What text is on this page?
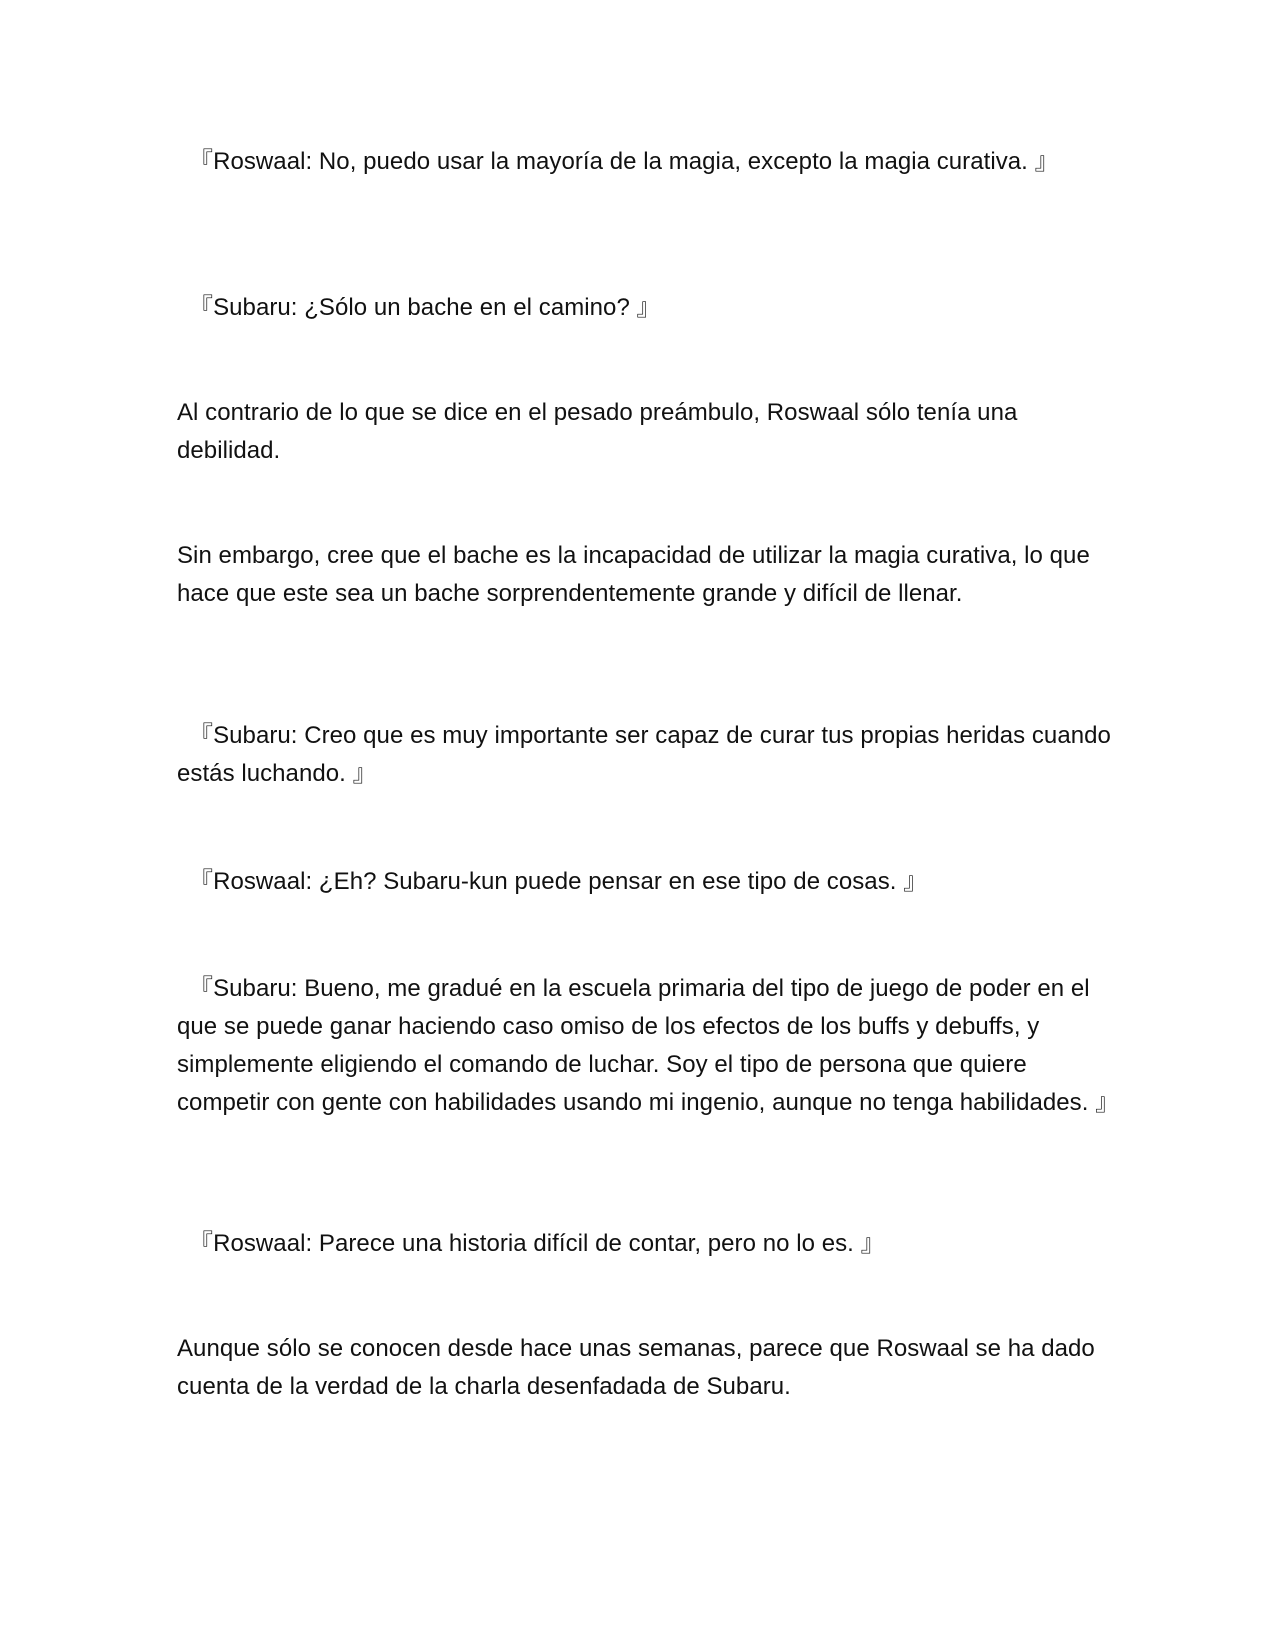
　『Roswaal: No, puedo usar la mayoría de la magia, excepto la magia curativa. 』

　『Subaru: ¿Sólo un bache en el camino? 』

Al contrario de lo que se dice en el pesado preámbulo, Roswaal sólo tenía una debilidad.

Sin embargo, cree que el bache es la incapacidad de utilizar la magia curativa, lo que hace que este sea un bache sorprendentemente grande y difícil de llenar.

　『Subaru: Creo que es muy importante ser capaz de curar tus propias heridas cuando estás luchando. 』

　『Roswaal: ¿Eh? Subaru-kun puede pensar en ese tipo de cosas. 』

　『Subaru: Bueno, me gradué en la escuela primaria del tipo de juego de poder en el que se puede ganar haciendo caso omiso de los efectos de los buffs y debuffs, y simplemente eligiendo el comando de luchar. Soy el tipo de persona que quiere competir con gente con habilidades usando mi ingenio, aunque no tenga habilidades. 』

　『Roswaal: Parece una historia difícil de contar, pero no lo es. 』

Aunque sólo se conocen desde hace unas semanas, parece que Roswaal se ha dado cuenta de la verdad de la charla desenfadada de Subaru.
